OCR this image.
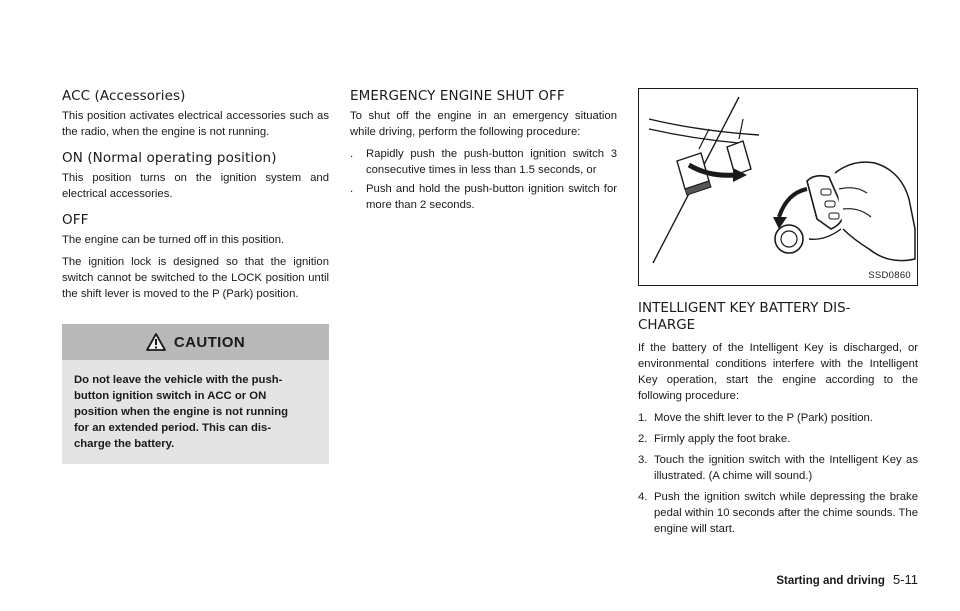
ACC (Accessories)

This position activates electrical accessories such as the radio, when the engine is not running.

ON (Normal operating position)

This position turns on the ignition system and electrical accessories.

OFF

The engine can be turned off in this position.

The ignition lock is designed so that the ignition switch cannot be switched to the LOCK position until the shift lever is moved to the P (Park) position.

CAUTION
Do not leave the vehicle with the push-
button ignition switch in ACC or ON
position when the engine is not running
for an extended period. This can dis-
charge the battery.
EMERGENCY ENGINE SHUT OFF

To shut off the engine in an emergency situation while driving, perform the following procedure:

. Rapidly push the push-button ignition switch 3 consecutive times in less than 1.5 seconds, or
. Push and hold the push-button ignition switch for more than 2 seconds.
SSD0860
INTELLIGENT KEY BATTERY DIS-
CHARGE

If the battery of the Intelligent Key is discharged, or environmental conditions interfere with the Intelligent Key operation, start the engine according to the following procedure:

1. Move the shift lever to the P (Park) position.
2. Firmly apply the foot brake.
3. Touch the ignition switch with the Intelligent Key as illustrated. (A chime will sound.)
4. Push the ignition switch while depressing the brake pedal within 10 seconds after the chime sounds. The engine will start.
Starting and driving 5-11
